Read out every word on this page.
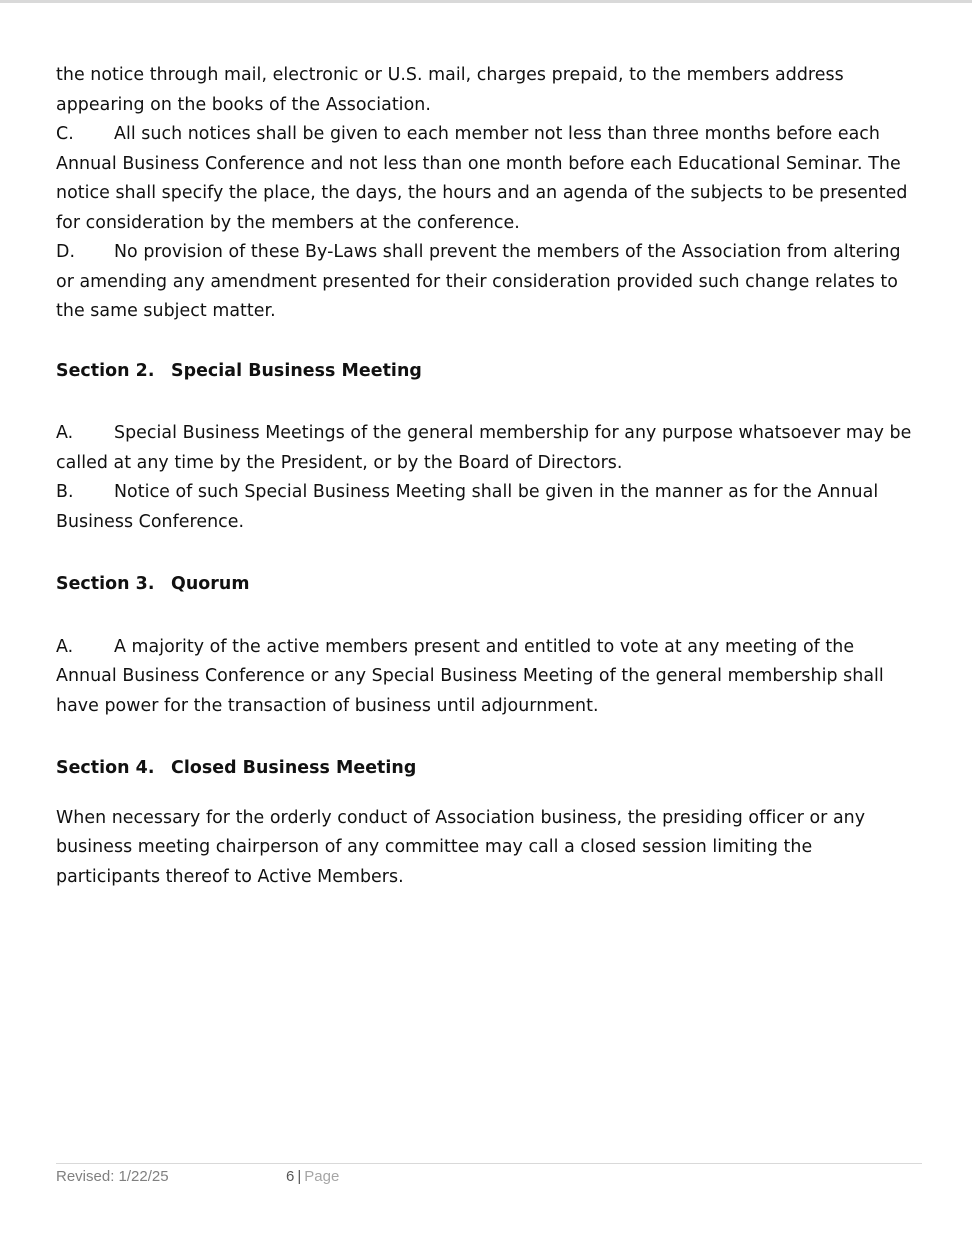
the notice through mail, electronic or U.S. mail, charges prepaid, to the members address appearing on the books of the Association.

C. All such notices shall be given to each member not less than three months before each Annual Business Conference and not less than one month before each Educational Seminar. The notice shall specify the place, the days, the hours and an agenda of the subjects to be presented for consideration by the members at the conference.

D. No provision of these By-Laws shall prevent the members of the Association from altering or amending any amendment presented for their consideration provided such change relates to the same subject matter.

Section 2. Special Business Meeting

A. Special Business Meetings of the general membership for any purpose whatsoever may be called at any time by the President, or by the Board of Directors.

B. Notice of such Special Business Meeting shall be given in the manner as for the Annual Business Conference.

Section 3. Quorum

A. A majority of the active members present and entitled to vote at any meeting of the Annual Business Conference or any Special Business Meeting of the general membership shall have power for the transaction of business until adjournment.

Section 4. Closed Business Meeting

When necessary for the orderly conduct of Association business, the presiding officer or any business meeting chairperson of any committee may call a closed session limiting the participants thereof to Active Members.

Revised: 1/22/25	6 | Page
